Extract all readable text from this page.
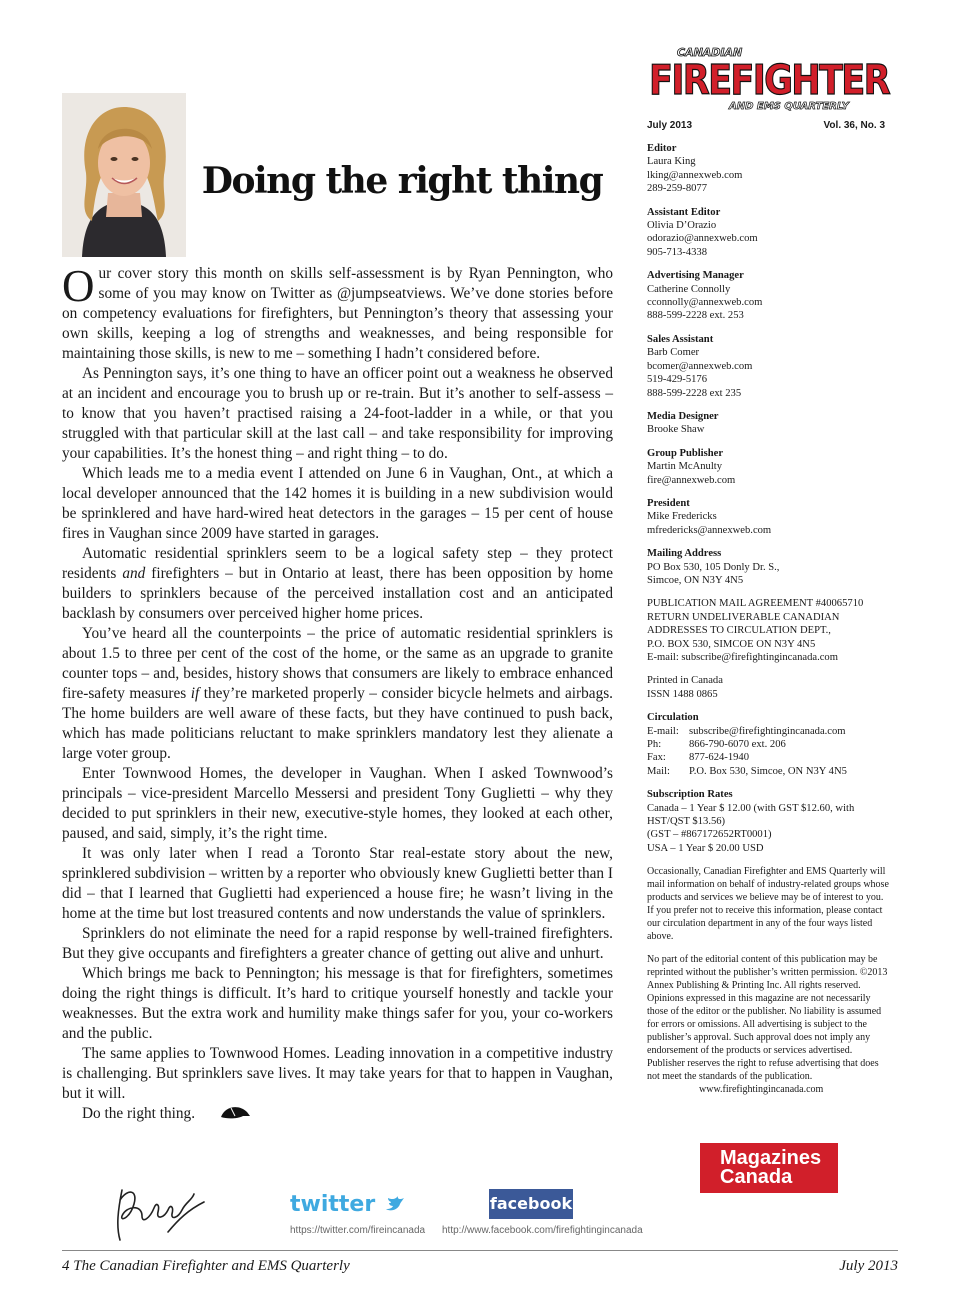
Doing the right thing

Our cover story this month on skills self-assessment is by Ryan Pennington, who some of you may know on Twitter as @jumpseatviews. We’ve done stories before on competency evaluations for firefighters, but Pennington’s theory that assessing your own skills, keeping a log of strengths and weaknesses, and being responsible for maintaining those skills, is new to me – something I hadn’t considered before.

As Pennington says, it’s one thing to have an officer point out a weakness he observed at an incident and encourage you to brush up or re-train. But it’s another to self-assess – to know that you haven’t practised raising a 24-foot-ladder in a while, or that you struggled with that particular skill at the last call – and take responsibility for improving your capabilities. It’s the honest thing – and right thing – to do.

Which leads me to a media event I attended on June 6 in Vaughan, Ont., at which a local developer announced that the 142 homes it is building in a new subdivision would be sprinklered and have hard-wired heat detectors in the garages – 15 per cent of house fires in Vaughan since 2009 have started in garages.

Automatic residential sprinklers seem to be a logical safety step – they protect residents and firefighters – but in Ontario at least, there has been opposition by home builders to sprinklers because of the perceived installation cost and an anticipated backlash by consumers over perceived higher home prices.

You’ve heard all the counterpoints – the price of automatic residential sprinklers is about 1.5 to three per cent of the cost of the home, or the same as an upgrade to granite counter tops – and, besides, history shows that consumers are likely to embrace enhanced fire-safety measures if they’re marketed properly – consider bicycle helmets and airbags. The home builders are well aware of these facts, but they have continued to push back, which has made politicians reluctant to make sprinklers mandatory lest they alienate a large voter group.

Enter Townwood Homes, the developer in Vaughan. When I asked Townwood’s principals – vice-president Marcello Messersi and president Tony Guglietti – why they decided to put sprinklers in their new, executive-style homes, they looked at each other, paused, and said, simply, it’s the right time.

It was only later when I read a Toronto Star real-estate story about the new, sprinklered subdivision – written by a reporter who obviously knew Guglietti better than I did – that I learned that Guglietti had experienced a house fire; he wasn’t living in the home at the time but lost treasured contents and now understands the value of sprinklers.

Sprinklers do not eliminate the need for a rapid response by well-trained firefighters. But they give occupants and firefighters a greater chance of getting out alive and unhurt.

Which brings me back to Pennington; his message is that for firefighters, sometimes doing the right things is difficult. It’s hard to critique yourself honestly and tackle your weaknesses. But the extra work and humility make things safer for you, your co-workers and the public.

The same applies to Townwood Homes. Leading innovation in a competitive industry is challenging. But sprinklers save lives. It may take years for that to happen in Vaughan, but it will.

Do the right thing.

CANADIAN
FIREFIGHTER
AND EMS QUARTERLY
July 2013	Vol. 36, No. 3
Editor
Laura King
lking@annexweb.com
289-259-8077
Assistant Editor
Olivia D’Orazio
odorazio@annexweb.com
905-713-4338
Advertising Manager
Catherine Connolly
cconnolly@annexweb.com
888-599-2228 ext. 253
Sales Assistant
Barb Comer
bcomer@annexweb.com
519-429-5176
888-599-2228 ext 235
Media Designer
Brooke Shaw
Group Publisher
Martin McAnulty
fire@annexweb.com
President
Mike Fredericks
mfredericks@annexweb.com
Mailing Address
PO Box 530, 105 Donly Dr. S.,
Simcoe, ON N3Y 4N5
PUBLICATION MAIL AGREEMENT #40065710
RETURN UNDELIVERABLE CANADIAN
ADDRESSES TO CIRCULATION DEPT.,
P.O. BOX 530, SIMCOE ON N3Y 4N5
E-mail: subscribe@firefightingincanada.com
Printed in Canada
ISSN 1488 0865
Circulation
E-mail: subscribe@firefightingincanada.com
Ph:	866-790-6070 ext. 206
Fax:	877-624-1940
Mail:	P.O. Box 530, Simcoe, ON N3Y 4N5
Subscription Rates
Canada – 1 Year $ 12.00 (with GST $12.60, with
HST/QST $13.56)
(GST – #867172652RT0001)
USA – 1 Year $ 20.00 USD

Occasionally, Canadian Firefighter and EMS Quarterly will mail information on behalf of industry-related groups whose products and services we believe may be of interest to you. If you prefer not to receive this information, please contact our circulation department in any of the four ways listed above.

No part of the editorial content of this publication may be reprinted without the publisher’s written permission. ©2013 Annex Publishing & Printing Inc. All rights reserved. Opinions expressed in this magazine are not necessarily those of the editor or the publisher. No liability is assumed for errors or omissions. All advertising is subject to the publisher’s approval. Such approval does not imply any endorsement of the products or services advertised. Publisher reserves the right to refuse advertising that does not meet the standards of the publication.

www.firefightingincanada.com
twitter
https://twitter.com/fireincanada
facebook
http://www.facebook.com/firefightingincanada
Magazines
Canada
4 The Canadian Firefighter and EMS Quarterly	July 2013
